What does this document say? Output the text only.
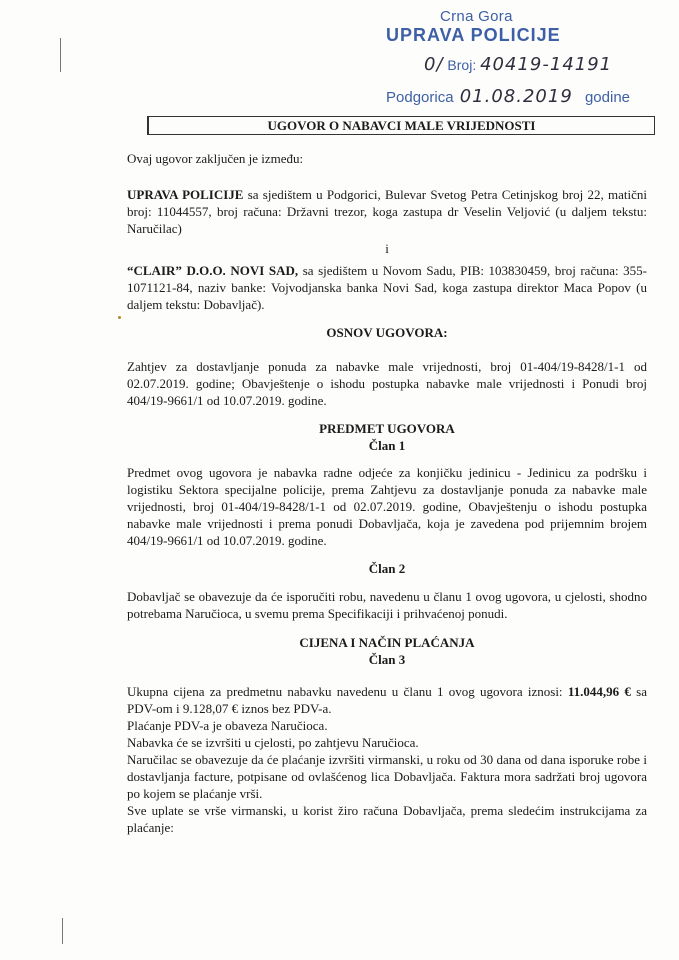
Crna Gora
UPRAVA POLICIJE
0/ Broj: 40419-14191
Podgorica 01.08.2019 godine
UGOVOR O NABAVCI MALE VRIJEDNOSTI

Ovaj ugovor zaključen je između:

UPRAVA POLICIJE sa sjedištem u Podgorici, Bulevar Svetog Petra Cetinjskog broj 22, matični broj: 11044557, broj računa: Državni trezor, koga zastupa dr Veselin Veljović (u daljem tekstu: Naručilac)

i

“CLAIR” D.O.O. NOVI SAD, sa sjedištem u Novom Sadu, PIB: 103830459, broj računa: 355-1071121-84, naziv banke: Vojvodjanska banka Novi Sad, koga zastupa direktor Maca Popov (u daljem tekstu: Dobavljač).

OSNOV UGOVORA:

Zahtjev za dostavljanje ponuda za nabavke male vrijednosti, broj 01-404/19-8428/1-1 od 02.07.2019. godine; Obavještenje o ishodu postupka nabavke male vrijednosti i Ponudi broj 404/19-9661/1 od 10.07.2019. godine.

PREDMET UGOVORA
Član 1

Predmet ovog ugovora je nabavka radne odjeće za konjičku jedinicu - Jedinicu za podršku i logistiku Sektora specijalne policije, prema Zahtjevu za dostavljanje ponuda za nabavke male vrijednosti, broj 01-404/19-8428/1-1 od 02.07.2019. godine, Obavještenju o ishodu postupka nabavke male vrijednosti i prema ponudi Dobavljača, koja je zavedena pod prijemnim brojem 404/19-9661/1 od 10.07.2019. godine.

Član 2

Dobavljač se obavezuje da će isporučiti robu, navedenu u članu 1 ovog ugovora, u cjelosti, shodno potrebama Naručioca, u svemu prema Specifikaciji i prihvaćenoj ponudi.

CIJENA I NAČIN PLAĆANJA
Član 3

Ukupna cijena za predmetnu nabavku navedenu u članu 1 ovog ugovora iznosi: 11.044,96 € sa PDV-om i 9.128,07 € iznos bez PDV-a.

Plaćanje PDV-a je obaveza Naručioca.

Nabavka će se izvršiti u cjelosti, po zahtjevu Naručioca.

Naručilac se obavezuje da će plaćanje izvršiti virmanski, u roku od 30 dana od dana isporuke robe i dostavljanja facture, potpisane od ovlašćenog lica Dobavljača. Faktura mora sadržati broj ugovora po kojem se plaćanje vrši.

Sve uplate se vrše virmanski, u korist žiro računa Dobavljača, prema sledećim instrukcijama za plaćanje:
